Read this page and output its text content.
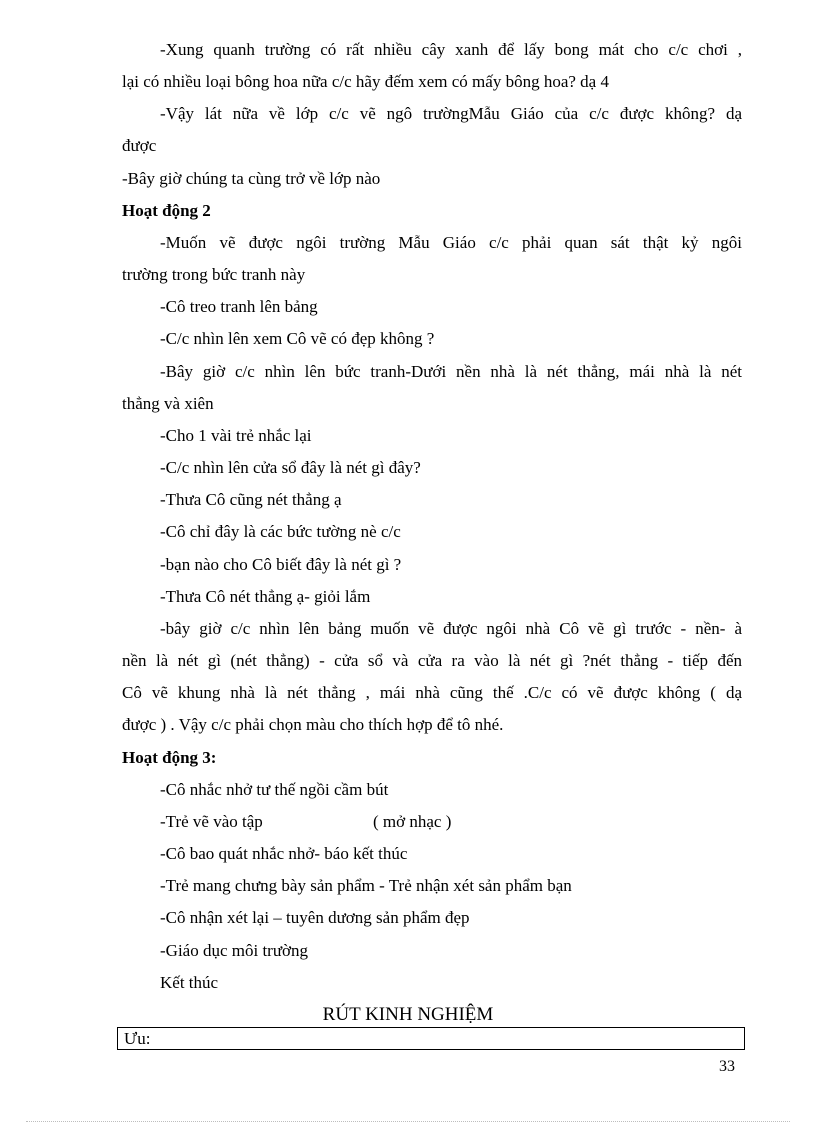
-Xung quanh trường có rất nhiều cây xanh để lấy bong mát cho c/c chơi ,
lại có nhiều loại bông hoa nữa c/c hãy đếm xem có mấy bông hoa? dạ 4
-Vậy lát nữa về lớp c/c vẽ ngô trườngMẫu Giáo của c/c được không? dạ
được
-Bây giờ chúng ta cùng trở về lớp nào
Hoạt động 2
-Muốn vẽ được ngôi trường Mẫu Giáo c/c phải quan sát thật kỷ ngôi
trường trong bức tranh này
-Cô treo tranh lên bảng
-C/c nhìn lên xem Cô vẽ có đẹp không ?
-Bây giờ c/c nhìn lên bức tranh-Dưới nền nhà là nét thẳng, mái nhà là nét
thẳng và xiên
-Cho 1 vài trẻ nhắc lại
-C/c nhìn lên cửa sổ đây là nét gì đây?
-Thưa Cô cũng nét thẳng ạ
-Cô chỉ đây là các bức tường nè c/c
-bạn nào cho Cô biết đây là nét gì ?
-Thưa Cô nét thẳng ạ- giỏi lắm
-bây giờ c/c nhìn lên bảng muốn vẽ được ngôi nhà Cô vẽ gì trước - nền- à
nền là nét gì (nét thẳng) - cửa sổ và cửa ra vào là nét gì ?nét thẳng - tiếp đến
Cô vẽ khung nhà là nét thẳng , mái nhà cũng thế .C/c có vẽ được không ( dạ
được ) . Vậy c/c phải chọn màu cho thích hợp để tô nhé.
Hoạt động 3:
-Cô nhắc nhở tư thế ngồi cầm bút
-Trẻ vẽ vào tập	( mở nhạc )
-Cô bao quát nhắc nhở- báo kết thúc
-Trẻ mang chưng bày sản phẩm - Trẻ nhận xét sản phẩm bạn
-Cô nhận xét lại – tuyên dương sản phẩm đẹp
-Giáo dục môi trường
Kết thúc
RÚT KINH NGHIỆM
Ưu:
33
